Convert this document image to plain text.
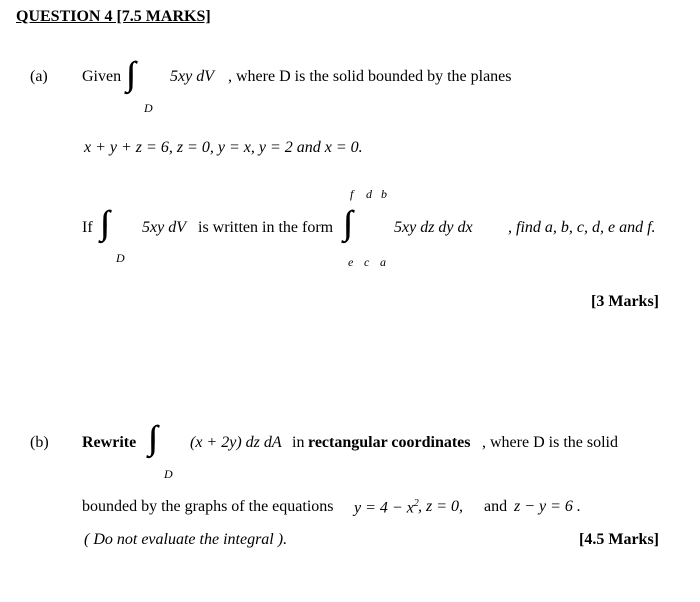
QUESTION 4 [7.5 MARKS]
(a) Given ∫∫∫
D
5xy dV , where D is the solid bounded by the planes
x + y + z = 6, z = 0, y = x, y = 2 and x = 0.
If ∫∫∫
D
5xy dV is written in the form ∫∫∫
f d b
e c a
5xy dz dy dx , find a, b, c, d, e and f.
[3 Marks]
(b) Rewrite ∫∫∫
D
(x + 2y) dz dA in rectangular coordinates , where D is the solid
bounded by the graphs of the equations $y = 4 - x^2$ , z = 0, and z − y = 6 .
( Do not evaluate the integral ).	[4.5 Marks]
